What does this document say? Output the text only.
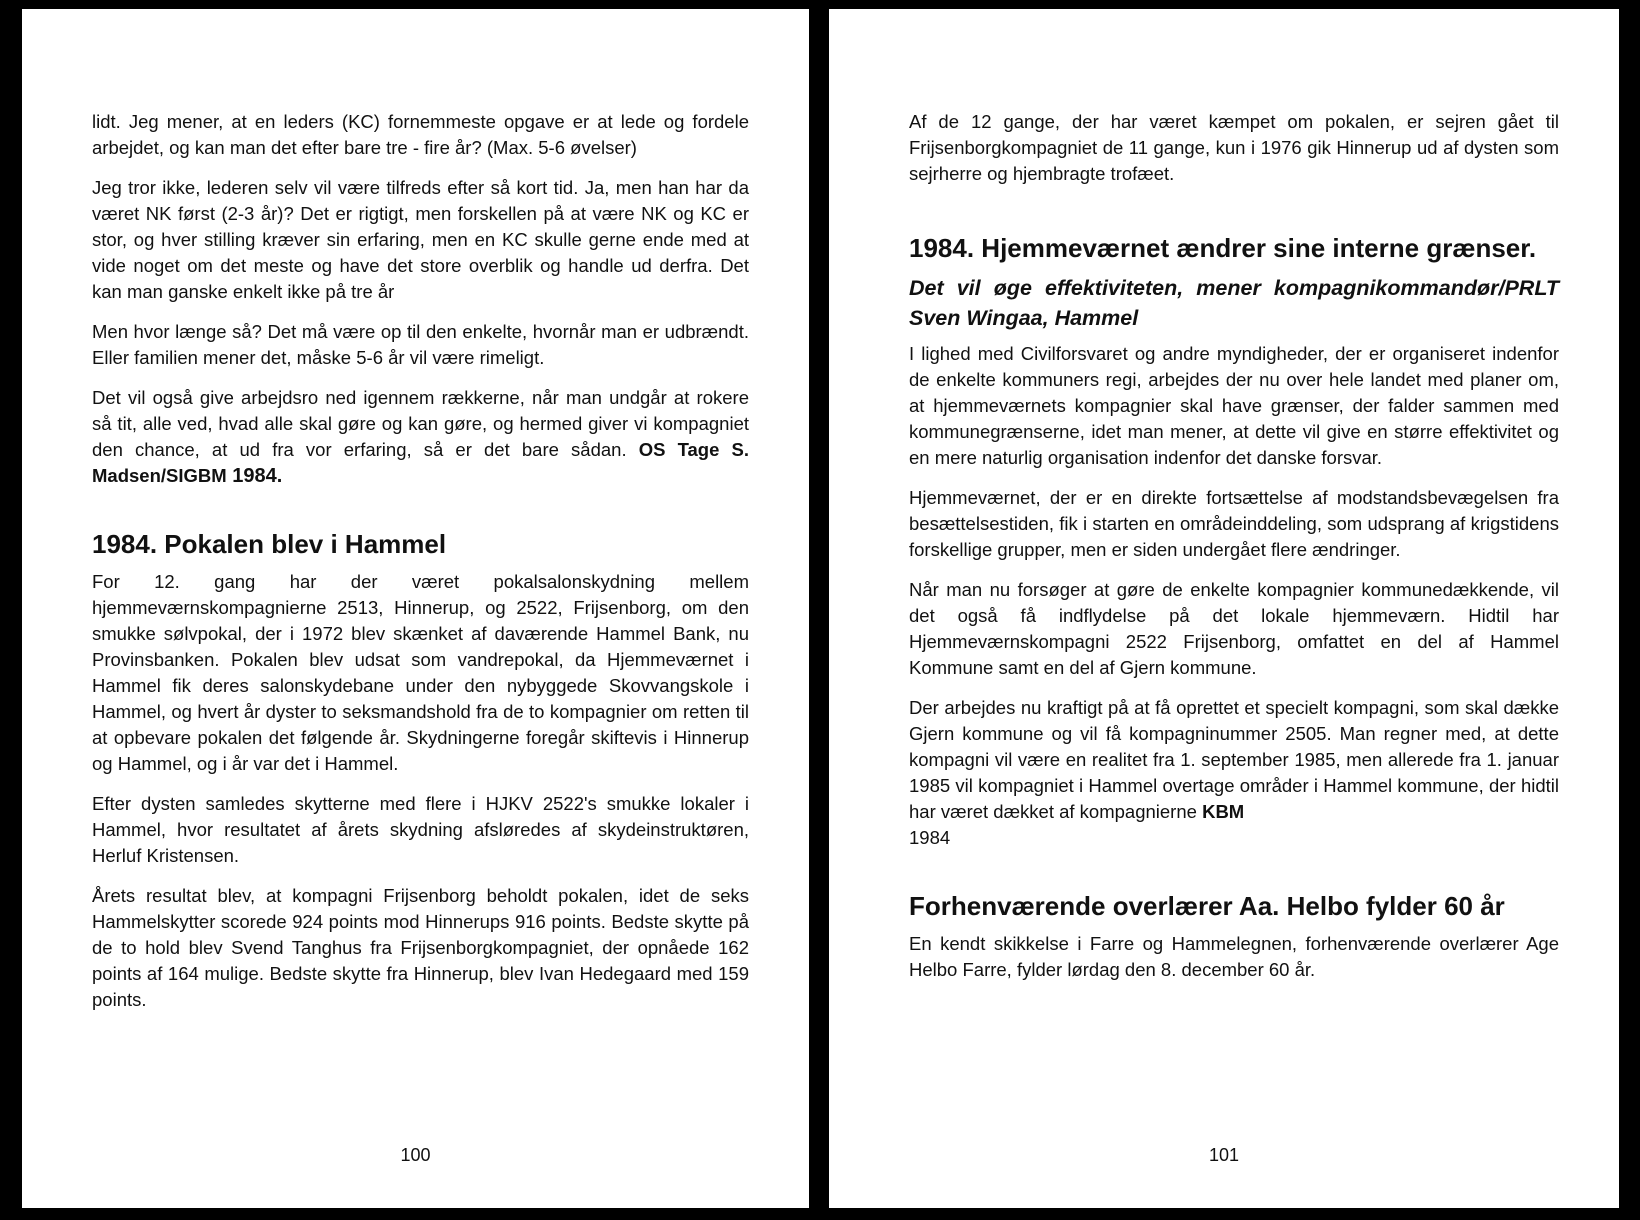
lidt. Jeg mener, at en leders (KC) fornemmeste opgave er at lede og fordele arbejdet, og kan man det efter bare tre - fire år? (Max. 5-6 øvelser)

Jeg tror ikke, lederen selv vil være tilfreds efter så kort tid. Ja, men han har da været NK først (2-3 år)? Det er rigtigt, men forskellen på at være NK og KC er stor, og hver stilling kræver sin erfaring, men en KC skulle gerne ende med at vide noget om det meste og have det store overblik og handle ud derfra. Det kan man ganske enkelt ikke på tre år

Men hvor længe så? Det må være op til den enkelte, hvornår man er udbrændt. Eller familien mener det, måske 5-6 år vil være rimeligt.

Det vil også give arbejdsro ned igennem rækkerne, når man undgår at rokere så tit, alle ved, hvad alle skal gøre og kan gøre, og hermed giver vi kompagniet den chance, at ud fra vor erfaring, så er det bare sådan. OS Tage S. Madsen/SIGBM 1984.

1984. Pokalen blev i Hammel

For 12. gang har der været pokalsalonskydning mellem hjemmeværnskompagnierne 2513, Hinnerup, og 2522, Frijsenborg, om den smukke sølvpokal, der i 1972 blev skænket af daværende Hammel Bank, nu Provinsbanken. Pokalen blev udsat som vandrepokal, da Hjemmeværnet i Hammel fik deres salonskydebane under den nybyggede Skovvangskole i Hammel, og hvert år dyster to seksmandshold fra de to kompagnier om retten til at opbevare pokalen det følgende år. Skydningerne foregår skiftevis i Hinnerup og Hammel, og i år var det i Hammel.

Efter dysten samledes skytterne med flere i HJKV 2522's smukke lokaler i Hammel, hvor resultatet af årets skydning afsløredes af skydeinstruktøren, Herluf Kristensen.

Årets resultat blev, at kompagni Frijsenborg beholdt pokalen, idet de seks Hammelskytter scorede 924 points mod Hinnerups 916 points. Bedste skytte på de to hold blev Svend Tanghus fra Frijsenborgkompagniet, der opnåede 162 points af 164 mulige. Bedste skytte fra Hinnerup, blev Ivan Hedegaard med 159 points.

100

Af de 12 gange, der har været kæmpet om pokalen, er sejren gået til Frijsenborgkompagniet de 11 gange, kun i 1976 gik Hinnerup ud af dysten som sejrherre og hjembragte trofæet.

1984. Hjemmeværnet ændrer sine interne grænser.
Det vil øge effektiviteten, mener kompagnikommandør/PRLT Sven Wingaa, Hammel

I lighed med Civilforsvaret og andre myndigheder, der er organiseret indenfor de enkelte kommuners regi, arbejdes der nu over hele landet med planer om, at hjemmeværnets kompagnier skal have grænser, der falder sammen med kommunegrænserne, idet man mener, at dette vil give en større effektivitet og en mere naturlig organisation indenfor det danske forsvar.

Hjemmeværnet, der er en direkte fortsættelse af modstandsbevægelsen fra besættelsestiden, fik i starten en områdeinddeling, som udsprang af krigstidens forskellige grupper, men er siden undergået flere ændringer.

Når man nu forsøger at gøre de enkelte kompagnier kommunedækkende, vil det også få indflydelse på det lokale hjemmeværn. Hidtil har Hjemmeværnskompagni 2522 Frijsenborg, omfattet en del af Hammel Kommune samt en del af Gjern kommune.

Der arbejdes nu kraftigt på at få oprettet et specielt kompagni, som skal dække Gjern kommune og vil få kompagninummer 2505. Man regner med, at dette kompagni vil være en realitet fra 1. september 1985, men allerede fra 1. januar 1985 vil kompagniet i Hammel overtage områder i Hammel kommune, der hidtil har været dækket af kompagnierne KBM
1984

Forhenværende overlærer Aa. Helbo fylder 60 år

En kendt skikkelse i Farre og Hammelegnen, forhenværende overlærer Age Helbo Farre, fylder lørdag den 8. december 60 år.

101
